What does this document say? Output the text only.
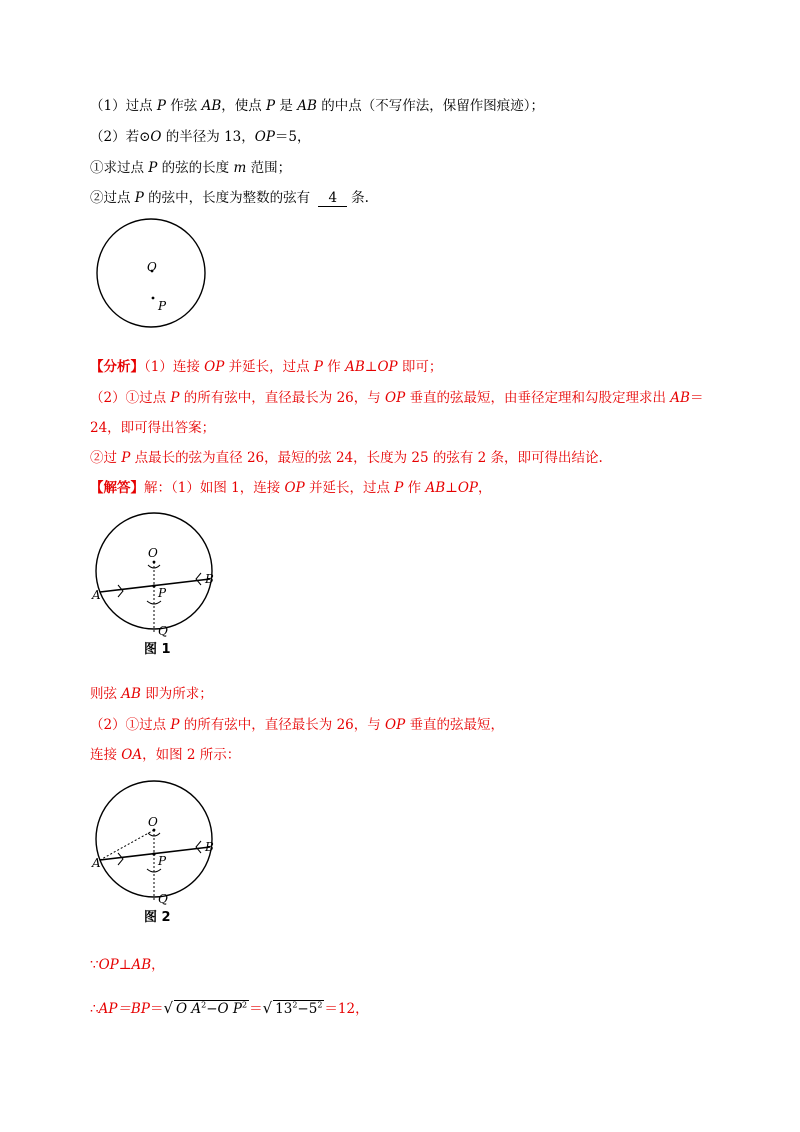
（1）过点 P 作弦 AB，使点 P 是 AB 的中点（不写作法，保留作图痕迹）；
（2）若⊙O 的半径为 13，OP＝5，
①求过点 P 的弦的长度 m 范围；
②过点 P 的弦中，长度为整数的弦有 4 条.
O
P
【分析】（1）连接 OP 并延长，过点 P 作 AB⊥OP 即可；
（2）①过点 P 的所有弦中，直径最长为 26，与 OP 垂直的弦最短，由垂径定理和勾股定理求出 AB＝
24，即可得出答案；
②过 P 点最长的弦为直径 26，最短的弦 24，长度为 25 的弦有 2 条，即可得出结论.
【解答】解：（1）如图 1，连接 OP 并延长，过点 P 作 AB⊥OP，
O
P
A
B
Q
图 1
则弦 AB 即为所求；
（2）①过点 P 的所有弦中，直径最长为 26，与 OP 垂直的弦最短，
连接 OA，如图 2 所示：
O
P
A
B
Q
图 2
∵OP⊥AB，
∴AP＝BP＝√ O $A^2-O$ $P^2$ ＝√ $13^2-5^2 =12$，
